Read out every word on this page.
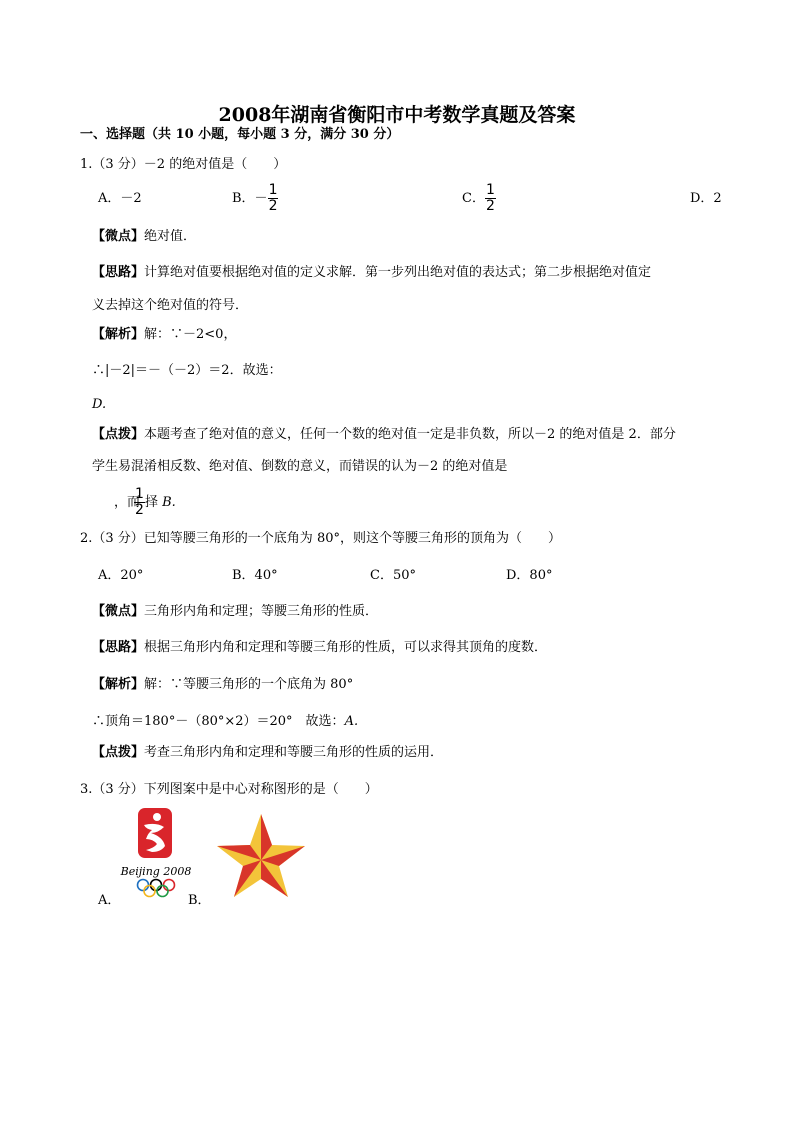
2008年湖南省衡阳市中考数学真题及答案
一、选择题（共 10 小题，每小题 3 分，满分 30 分）
1.（3 分）－2 的绝对值是（　　）
A．－2	B．－ $\frac{1}{2}$	C． $\frac{1}{2}$	D．2
【微点】绝对值．
【思路】计算绝对值要根据绝对值的定义求解．第一步列出绝对值的表达式；第二步根据绝对值定
义去掉这个绝对值的符号．
【解析】解：∵－2<0，
∴|－2|＝－（－2）＝2．故选：
D.
【点拨】本题考查了绝对值的意义，任何一个数的绝对值一定是非负数，所以－2 的绝对值是 2．部分
学生易混淆相反数、绝对值、倒数的意义，而错误的认为－2 的绝对值是
，而
$\frac{1}{2}$ 择 B.
2.（3 分）已知等腰三角形的一个底角为 80°，则这个等腰三角形的顶角为（　　）
A．20°	B．40°	C．50°	D．80°
【微点】三角形内角和定理；等腰三角形的性质．
【思路】根据三角形内角和定理和等腰三角形的性质，可以求得其顶角的度数．
【解析】解：∵等腰三角形的一个底角为 80°
∴顶角＝180°－（80°×2）＝20°　故选：A.
【点拨】考查三角形内角和定理和等腰三角形的性质的运用．
3.（3 分）下列图案中是中心对称图形的是（　　）
A．
Beijing 2008
B．
